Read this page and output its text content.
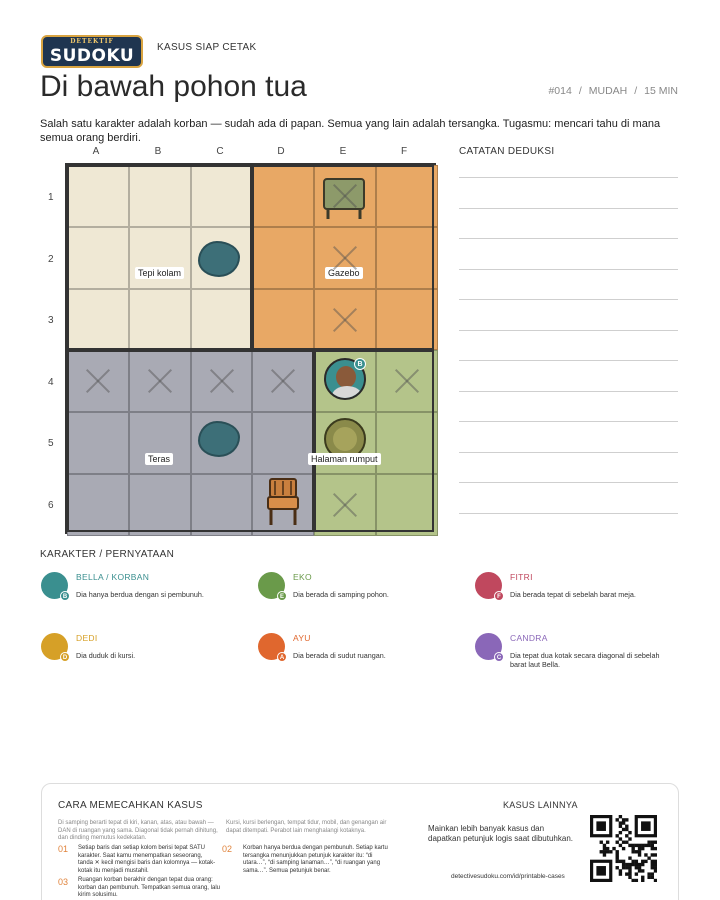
DETEKTIF
SUDOKU	KASUS SIAP CETAK
Di bawah pohon tua	#014 / MUDAH / 15 MIN

Salah satu karakter adalah korban — sudah ada di papan. Semua yang lain adalah tersangka. Tugasmu: mencari tahu di mana semua orang berdiri.

A	B	C	D	E	F
1
2
3
4
5
6
B
Tepi kolam	Gazebo
Teras	Halaman rumput
CATATAN DEDUKSI
KARAKTER / PERNYATAAN
B
BELLA / KORBAN
Dia hanya berdua dengan si pembunuh.	E
EKO
Dia berada di samping pohon.	F
FITRI
Dia berada tepat di sebelah barat meja.
D
DEDI
Dia duduk di kursi.	A
AYU
Dia berada di sudut ruangan.	C
CANDRA
Dia tepat dua kotak secara diagonal di sebelah barat laut Bella.
CARA MEMECAHKAN KASUS
Di samping berarti tepat di kiri, kanan, atas, atau bawah — DAN di ruangan yang sama. Diagonal tidak pernah dihitung, dan dinding memutus kedekatan.
Kursi, kursi berlengan, tempat tidur, mobil, dan genangan air dapat ditempati. Perabot lain menghalangi kotaknya.
01 Setiap baris dan setiap kolom berisi tepat SATU karakter. Saat kamu menempatkan seseorang, tanda ✕ kecil mengisi baris dan kolomnya — kotak-kotak itu menjadi mustahil.
02 Korban hanya berdua dengan pembunuh. Setiap kartu tersangka menunjukkan petunjuk karakter itu: “di utara…”, “di samping lanaman…”, “di ruangan yang sama…”. Semua petunjuk benar.
03 Ruangan korban berakhir dengan tepat dua orang: korban dan pembunuh. Tempatkan semua orang, lalu kirim solusimu.
KASUS LAINNYA
Mainkan lebih banyak kasus dan dapatkan petunjuk logis saat dibutuhkan.
detectivesudoku.com/id/printable-cases
